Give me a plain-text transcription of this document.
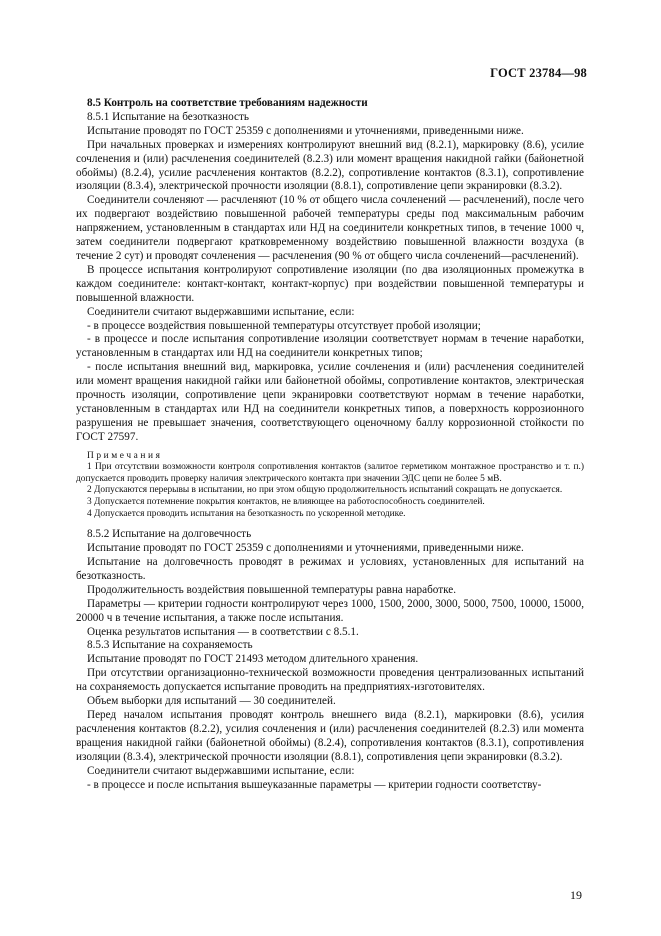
ГОСТ 23784—98

8.5 Контроль на соответствие требованиям надежности

8.5.1 Испытание на безотказность

Испытание проводят по ГОСТ 25359 с дополнениями и уточнениями, приведенными ниже.

При начальных проверках и измерениях контролируют внешний вид (8.2.1), маркировку (8.6), усилие сочленения и (или) расчленения соединителей (8.2.3) или момент вращения накидной гайки (байонетной обоймы) (8.2.4), усилие расчленения контактов (8.2.2), сопротивление контактов (8.3.1), сопротивление изоляции (8.3.4), электрической прочности изоляции (8.8.1), сопротивление цепи экранировки (8.3.2).

Соединители сочленяют — расчленяют (10 % от общего числа сочленений — расчленений), после чего их подвергают воздействию повышенной рабочей температуры среды под максимальным рабочим напряжением, установленным в стандартах или НД на соединители конкретных типов, в течение 1000 ч, затем соединители подвергают кратковременному воздействию повышенной влажности воздуха (в течение 2 сут) и проводят сочленения — расчленения (90 % от общего числа сочленений—расчленений).

В процессе испытания контролируют сопротивление изоляции (по два изоляционных промежутка в каждом соединителе: контакт-контакт, контакт-корпус) при воздействии повышенной температуры и повышенной влажности.

Соединители считают выдержавшими испытание, если:

- в процессе воздействия повышенной температуры отсутствует пробой изоляции;

- в процессе и после испытания сопротивление изоляции соответствует нормам в течение наработки, установленным в стандартах или НД на соединители конкретных типов;

- после испытания внешний вид, маркировка, усилие сочленения и (или) расчленения соединителей или момент вращения накидной гайки или байонетной обоймы, сопротивление контактов, электрическая прочность изоляции, сопротивление цепи экранировки соответствуют нормам в течение наработки, установленным в стандартах или НД на соединители конкретных типов, а поверхность коррозионного разрушения не превышает значения, соответствующего оценочному баллу коррозионной стойкости по ГОСТ 27597.

Примечания

1 При отсутствии возможности контроля сопротивления контактов (залитое герметиком монтажное пространство и т. п.) допускается проводить проверку наличия электрического контакта при значении ЭДС цепи не более 5 мВ.

2 Допускаются перерывы в испытании, но при этом общую продолжительность испытаний сокращать не допускается.

3 Допускается потемнение покрытия контактов, не влияющее на работоспособность соединителей.

4 Допускается проводить испытания на безотказность по ускоренной методике.

8.5.2 Испытание на долговечность

Испытание проводят по ГОСТ 25359 с дополнениями и уточнениями, приведенными ниже.

Испытание на долговечность проводят в режимах и условиях, установленных для испытаний на безотказность.

Продолжительность воздействия повышенной температуры равна наработке.

Параметры — критерии годности контролируют через 1000, 1500, 2000, 3000, 5000, 7500, 10000, 15000, 20000 ч в течение испытания, а также после испытания.

Оценка результатов испытания — в соответствии с 8.5.1.

8.5.3 Испытание на сохраняемость

Испытание проводят по ГОСТ 21493 методом длительного хранения.

При отсутствии организационно-технической возможности проведения централизованных испытаний на сохраняемость допускается испытание проводить на предприятиях-изготовителях.

Объем выборки для испытаний — 30 соединителей.

Перед началом испытания проводят контроль внешнего вида (8.2.1), маркировки (8.6), усилия расчленения контактов (8.2.2), усилия сочленения и (или) расчленения соединителей (8.2.3) или момента вращения накидной гайки (байонетной обоймы) (8.2.4), сопротивления контактов (8.3.1), сопротивления изоляции (8.3.4), электрической прочности изоляции (8.8.1), сопротивления цепи экранировки (8.3.2).

Соединители считают выдержавшими испытание, если:

- в процессе и после испытания вышеуказанные параметры — критерии годности соответству-

19
